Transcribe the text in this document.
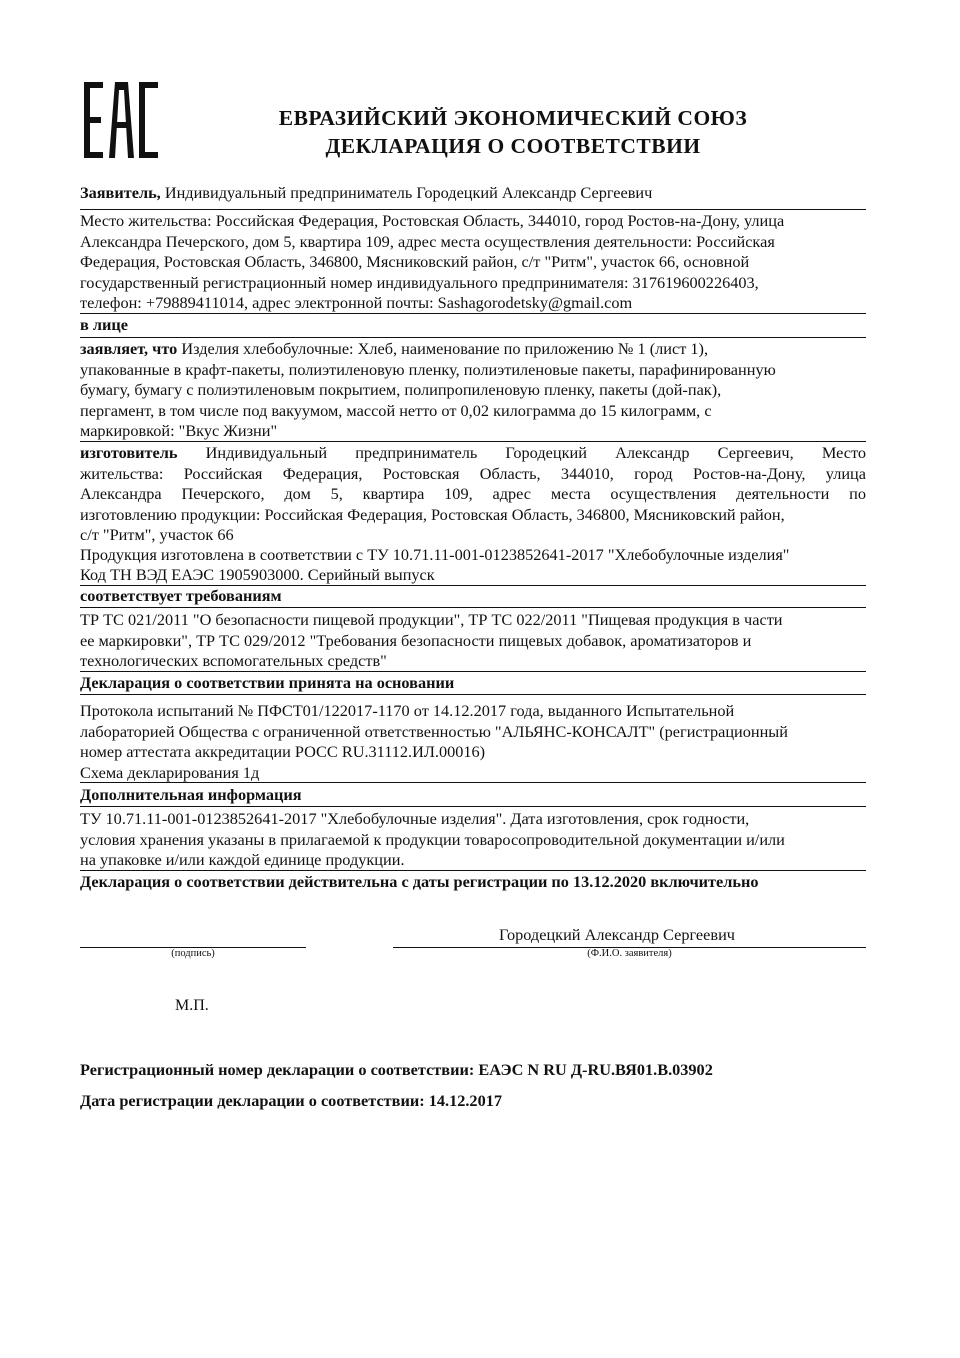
ЕВРАЗИЙСКИЙ ЭКОНОМИЧЕСКИЙ СОЮЗ
ДЕКЛАРАЦИЯ О СООТВЕТСТВИИ
Заявитель, Индивидуальный предприниматель Городецкий Александр Сергеевич
Место жительства: Российская Федерация, Ростовская Область, 344010, город Ростов-на-Дону, улица
Александра Печерского, дом 5, квартира 109, адрес места осуществления деятельности: Российская
Федерация, Ростовская Область, 346800, Мясниковский район, с/т "Ритм", участок 66, основной
государственный регистрационный номер индивидуального предпринимателя: 317619600226403,
телефон: +79889411014, адрес электронной почты: Sashagorodetsky@gmail.com
в лице
заявляет, что Изделия хлебобулочные: Хлеб, наименование по приложению № 1 (лист 1),
упакованные в крафт-пакеты, полиэтиленовую пленку, полиэтиленовые пакеты, парафинированную
бумагу, бумагу с полиэтиленовым покрытием, полипропиленовую пленку, пакеты (дой-пак),
пергамент, в том числе под вакуумом, массой нетто от 0,02 килограмма до 15 килограмм, с
маркировкой: "Вкус Жизни"
изготовитель Индивидуальный предприниматель Городецкий Александр Сергеевич, Место
жительства: Российская Федерация, Ростовская Область, 344010, город Ростов-на-Дону, улица
Александра Печерского, дом 5, квартира 109, адрес места осуществления деятельности по
изготовлению продукции: Российская Федерация, Ростовская Область, 346800, Мясниковский район,
с/т "Ритм", участок 66
Продукция изготовлена в соответствии с ТУ 10.71.11-001-0123852641-2017 "Хлебобулочные изделия"
Код ТН ВЭД ЕАЭС 1905903000. Серийный выпуск
соответствует требованиям
ТР ТС 021/2011 "О безопасности пищевой продукции", ТР ТС 022/2011 "Пищевая продукция в части
ее маркировки", ТР ТС 029/2012 "Требования безопасности пищевых добавок, ароматизаторов и
технологических вспомогательных средств"
Декларация о соответствии принята на основании
Протокола испытаний № ПФСТ01/122017-1170 от 14.12.2017 года, выданного Испытательной
лабораторией Общества с ограниченной ответственностью "АЛЬЯНС-КОНСАЛТ" (регистрационный
номер аттестата аккредитации РОСС RU.31112.ИЛ.00016)
Схема декларирования 1д
Дополнительная информация
ТУ 10.71.11-001-0123852641-2017 "Хлебобулочные изделия". Дата изготовления, срок годности,
условия хранения указаны в прилагаемой к продукции товаросопроводительной документации и/или
на упаковке и/или каждой единице продукции.
Декларация о соответствии действительна с даты регистрации по 13.12.2020 включительно
Городецкий Александр Сергеевич
(подпись)	(Ф.И.О. заявителя)
М.П.
Регистрационный номер декларации о соответствии: ЕАЭС N RU Д-RU.ВЯ01.В.03902
Дата регистрации декларации о соответствии: 14.12.2017
